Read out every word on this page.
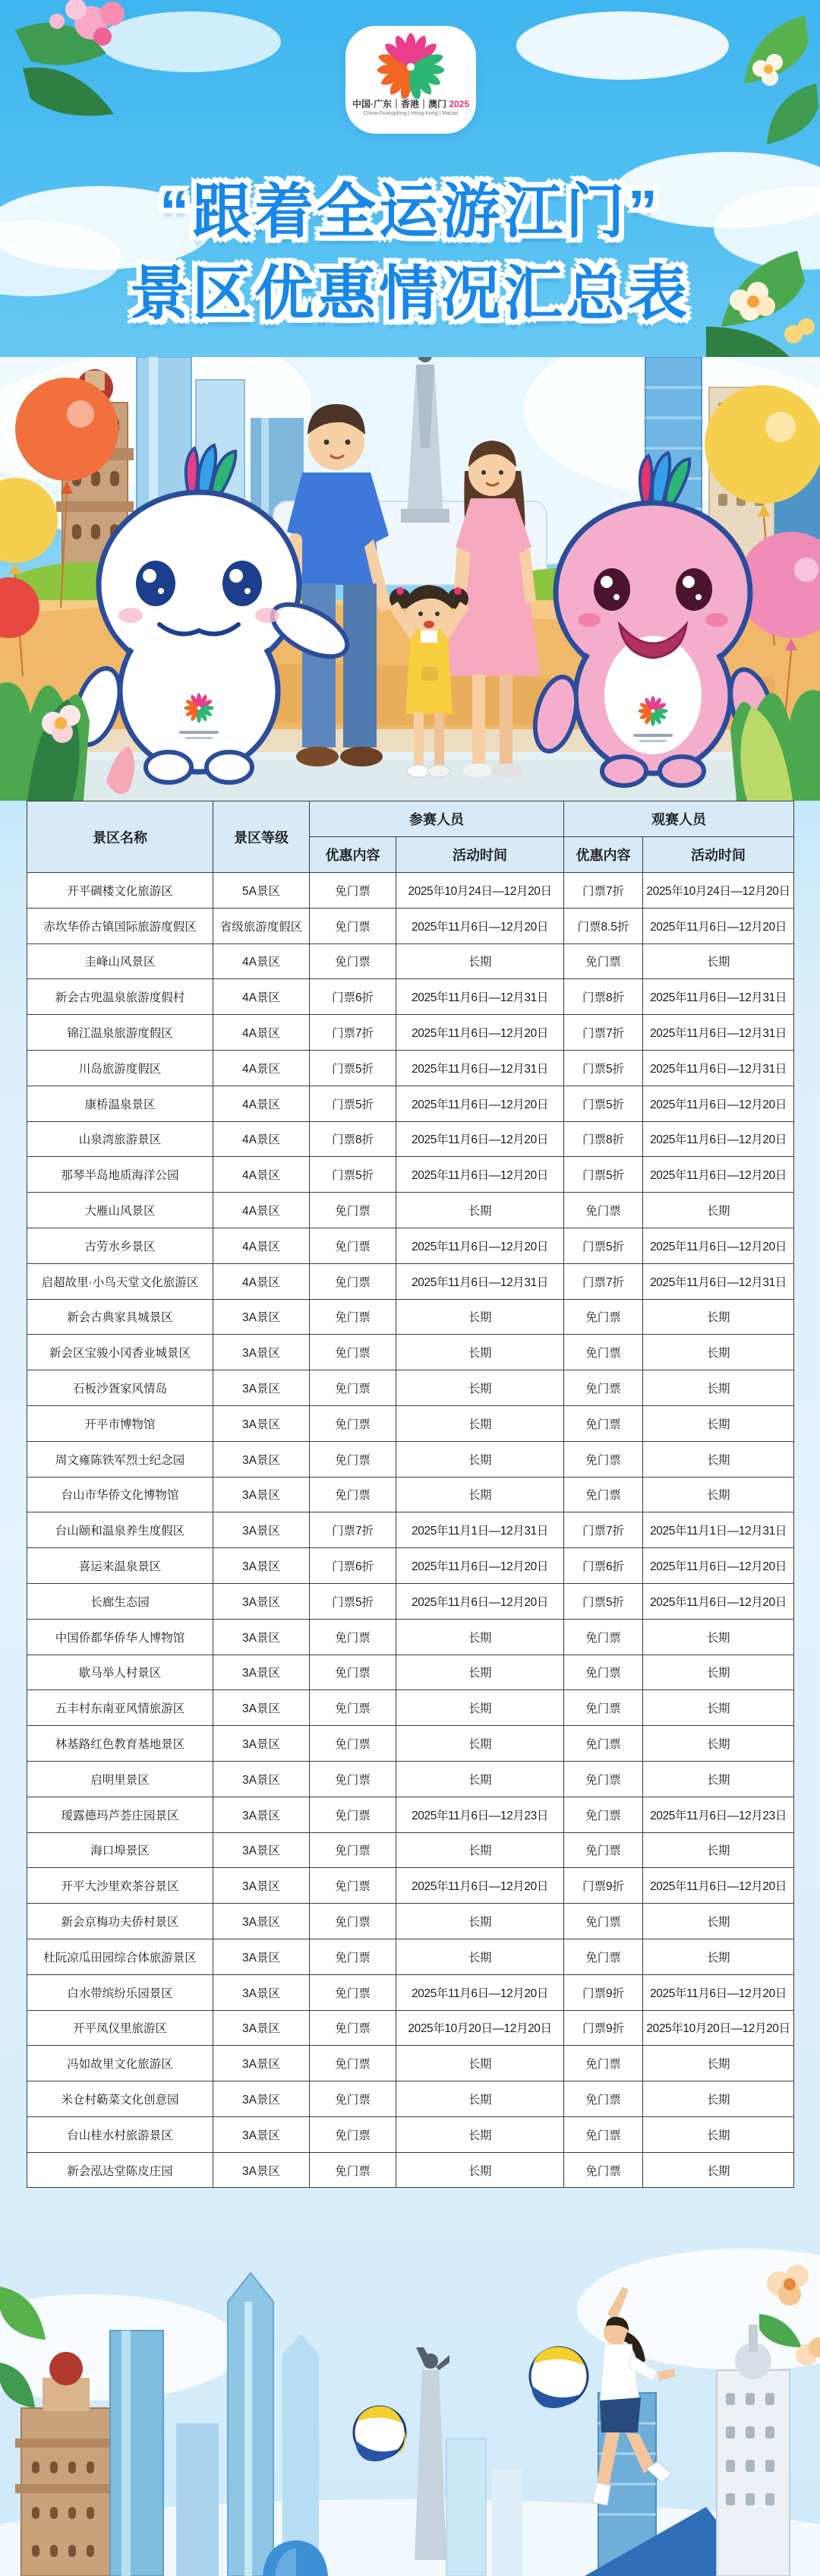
中国·广东｜香港｜澳门 2025
China-Guangdong | Hong Kong | Macao
“跟着全运游江门”
景区优惠情况汇总表
景区名称	景区等级	参赛人员		观赛人员	
		优惠内容	活动时间	优惠内容	活动时间
开平碉楼文化旅游区	5A景区	免门票	2025年10月24日—12月20日	门票7折	2025年10月24日—12月20日
赤坎华侨古镇国际旅游度假区	省级旅游度假区	免门票	2025年11月6日—12月20日	门票8.5折	2025年11月6日—12月20日
圭峰山风景区	4A景区	免门票	长期	免门票	长期
新会古兜温泉旅游度假村	4A景区	门票6折	2025年11月6日—12月31日	门票8折	2025年11月6日—12月31日
锦江温泉旅游度假区	4A景区	门票7折	2025年11月6日—12月20日	门票7折	2025年11月6日—12月31日
川岛旅游度假区	4A景区	门票5折	2025年11月6日—12月31日	门票5折	2025年11月6日—12月31日
康桥温泉景区	4A景区	门票5折	2025年11月6日—12月20日	门票5折	2025年11月6日—12月20日
山泉湾旅游景区	4A景区	门票8折	2025年11月6日—12月20日	门票8折	2025年11月6日—12月20日
那琴半岛地质海洋公园	4A景区	门票5折	2025年11月6日—12月20日	门票5折	2025年11月6日—12月20日
大雁山风景区	4A景区	免门票	长期	免门票	长期
古劳水乡景区	4A景区	免门票	2025年11月6日—12月20日	门票5折	2025年11月6日—12月20日
启超故里·小鸟天堂文化旅游区	4A景区	免门票	2025年11月6日—12月31日	门票7折	2025年11月6日—12月31日
新会古典家具城景区	3A景区	免门票	长期	免门票	长期
新会区宝骏小冈香业城景区	3A景区	免门票	长期	免门票	长期
石板沙疍家风情岛	3A景区	免门票	长期	免门票	长期
开平市博物馆	3A景区	免门票	长期	免门票	长期
周文雍陈铁军烈士纪念园	3A景区	免门票	长期	免门票	长期
台山市华侨文化博物馆	3A景区	免门票	长期	免门票	长期
台山颐和温泉养生度假区	3A景区	门票7折	2025年11月1日—12月31日	门票7折	2025年11月1日—12月31日
喜运来温泉景区	3A景区	门票6折	2025年11月6日—12月20日	门票6折	2025年11月6日—12月20日
长廊生态园	3A景区	门票5折	2025年11月6日—12月20日	门票5折	2025年11月6日—12月20日
中国侨都华侨华人博物馆	3A景区	免门票	长期	免门票	长期
歇马举人村景区	3A景区	免门票	长期	免门票	长期
五丰村东南亚风情旅游区	3A景区	免门票	长期	免门票	长期
林基路红色教育基地景区	3A景区	免门票	长期	免门票	长期
启明里景区	3A景区	免门票	长期	免门票	长期
瑷露德玛芦荟庄园景区	3A景区	免门票	2025年11月6日—12月23日	免门票	2025年11月6日—12月23日
海口埠景区	3A景区	免门票	长期	免门票	长期
开平大沙里欢茶谷景区	3A景区	免门票	2025年11月6日—12月20日	门票9折	2025年11月6日—12月20日
新会京梅功夫侨村景区	3A景区	免门票	长期	免门票	长期
杜阮凉瓜田园综合体旅游景区	3A景区	免门票	长期	免门票	长期
白水带缤纷乐园景区	3A景区	免门票	2025年11月6日—12月20日	门票9折	2025年11月6日—12月20日
开平凤仪里旅游区	3A景区	免门票	2025年10月20日—12月20日	门票9折	2025年10月20日—12月20日
冯如故里文化旅游区	3A景区	免门票	长期	免门票	长期
米仓村簕菜文化创意园	3A景区	免门票	长期	免门票	长期
台山桂水村旅游景区	3A景区	免门票	长期	免门票	长期
新会泓达堂陈皮庄园	3A景区	免门票	长期	免门票	长期
